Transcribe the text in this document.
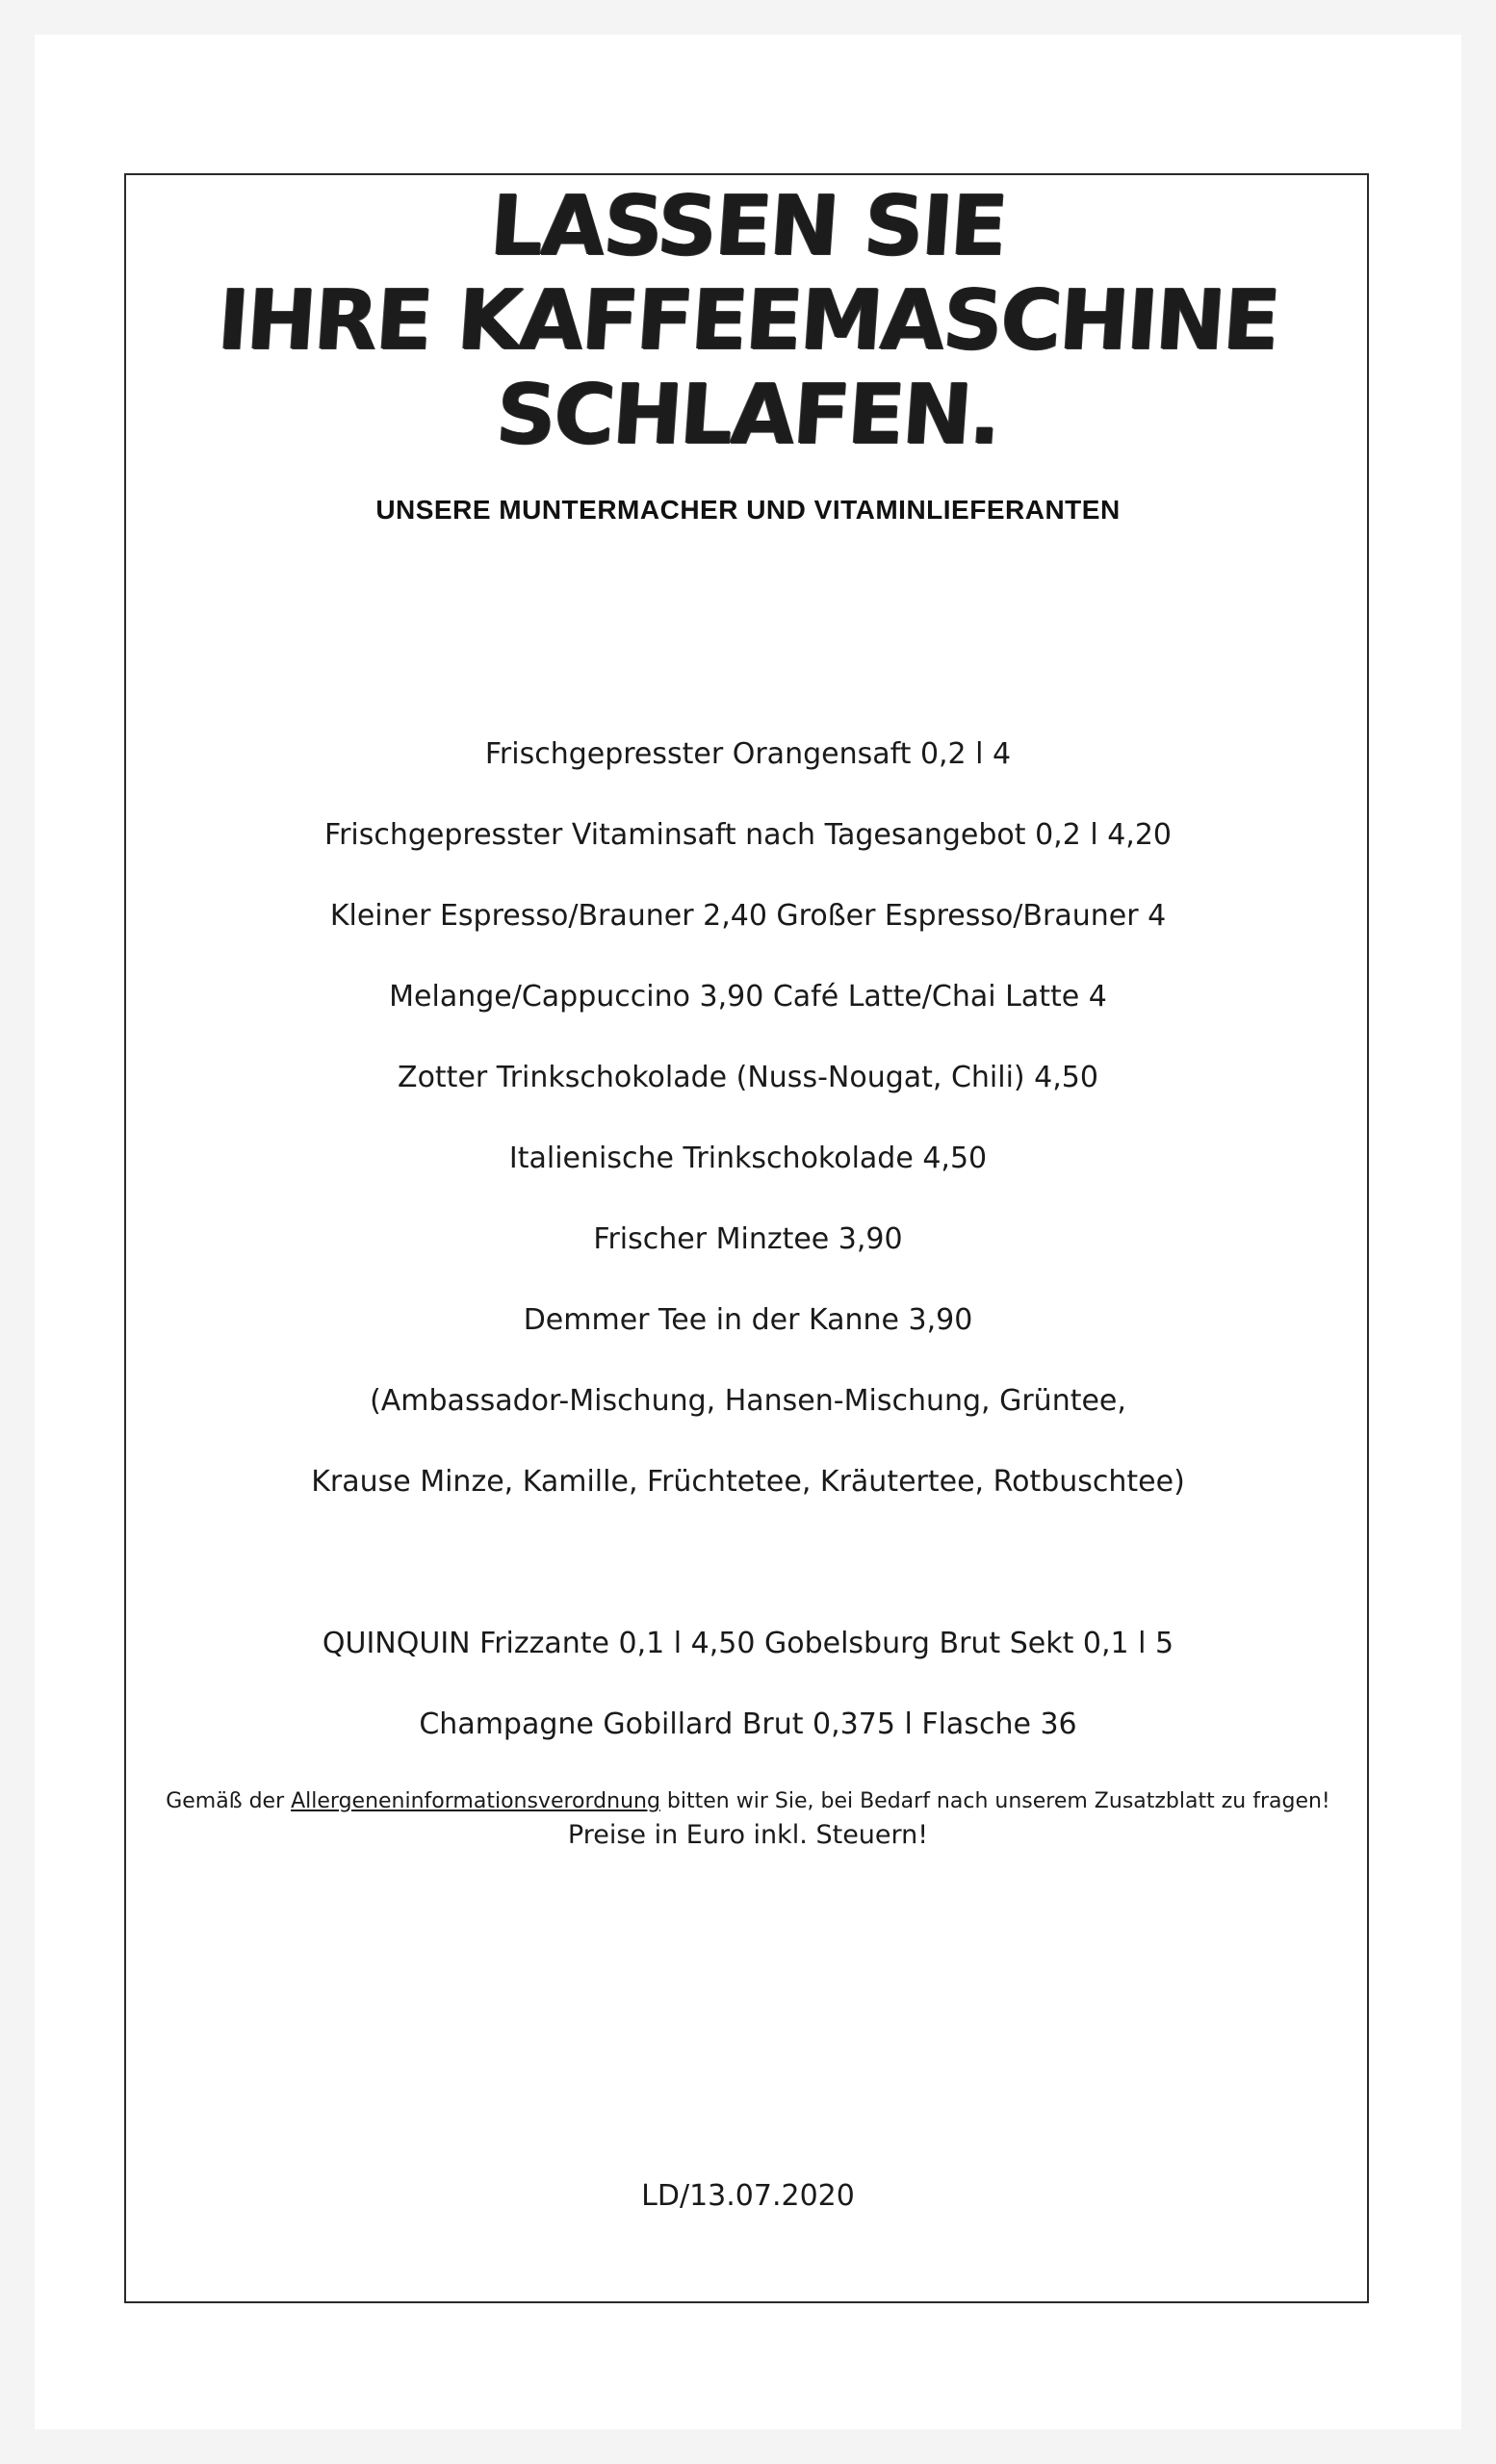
LASSEN SIE
IHRE KAFFEEMASCHINE
SCHLAFEN.
UNSERE MUNTERMACHER UND VITAMINLIEFERANTEN
Frischgepresster Orangensaft 0,2 l 4
Frischgepresster Vitaminsaft nach Tagesangebot 0,2 l 4,20
Kleiner Espresso/Brauner 2,40 Großer Espresso/Brauner 4
Melange/Cappuccino 3,90 Café Latte/Chai Latte 4
Zotter Trinkschokolade (Nuss-Nougat, Chili) 4,50
Italienische Trinkschokolade 4,50
Frischer Minztee 3,90
Demmer Tee in der Kanne 3,90
(Ambassador-Mischung, Hansen-Mischung, Grüntee,
Krause Minze, Kamille, Früchtetee, Kräutertee, Rotbuschtee)
QUINQUIN Frizzante 0,1 l 4,50 Gobelsburg Brut Sekt 0,1 l 5
Champagne Gobillard Brut 0,375 l Flasche 36
Gemäß der Allergeneninformationsverordnung bitten wir Sie, bei Bedarf nach unserem Zusatzblatt zu fragen!
Preise in Euro inkl. Steuern!
LD/13.07.2020
